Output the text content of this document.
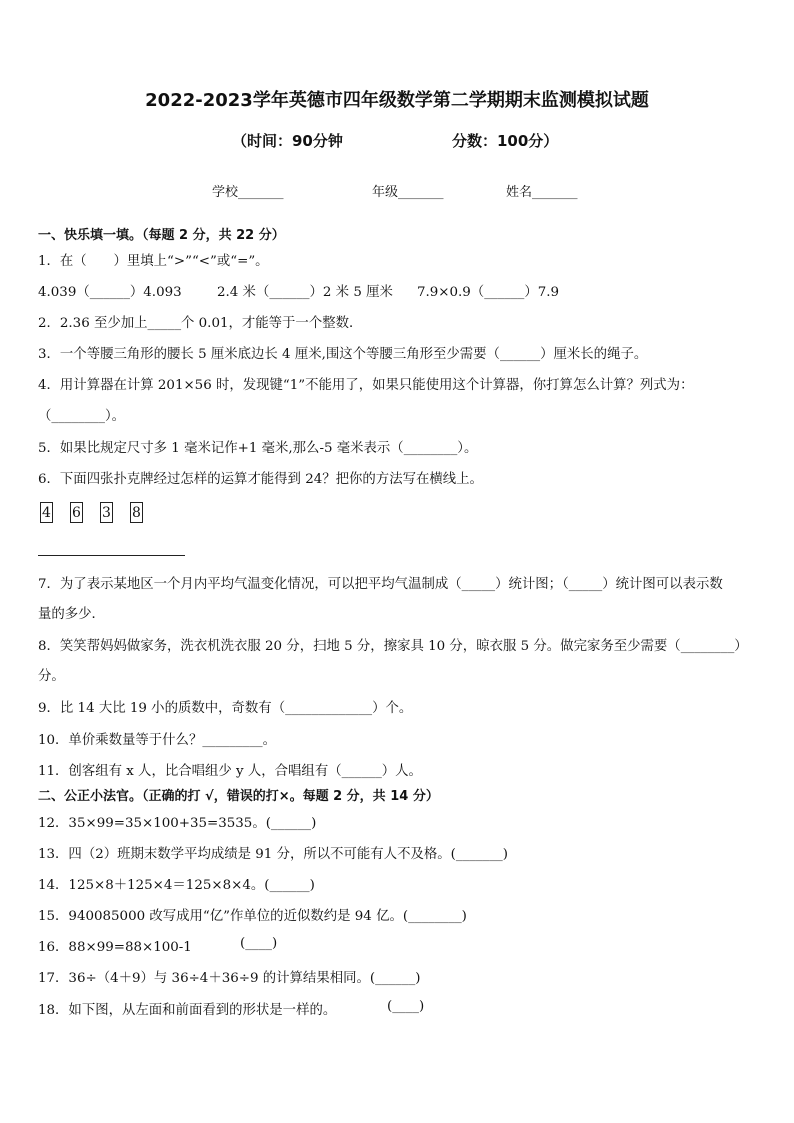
2022-2023学年英德市四年级数学第二学期期末监测模拟试题
（时间：90分钟	分数：100分）
学校_______	年级_______	姓名_______
一、快乐填一填。（每题 2 分，共 22 分）
1．在（　　）里填上“>”“<”或“=”。
4.039（______）4.093	2.4 米（______）2 米 5 厘米 7.9×0.9（______）7.9
2．2.36 至少加上_____个 0.01，才能等于一个整数．
3．一个等腰三角形的腰长 5 厘米底边长 4 厘米,围这个等腰三角形至少需要（______）厘米长的绳子。
4．用计算器在计算 201×56 时，发现键“1”不能用了，如果只能使用这个计算器，你打算怎么计算？列式为：
（________）。
5．如果比规定尺寸多 1 毫米记作+1 毫米,那么-5 毫米表示（________）。
6．下面四张扑克牌经过怎样的运算才能得到 24？把你的方法写在横线上。
4 6 3 8
7．为了表示某地区一个月内平均气温变化情况，可以把平均气温制成（_____）统计图；（_____）统计图可以表示数
量的多少．
8．笑笑帮妈妈做家务，洗衣机洗衣服 20 分，扫地 5 分，擦家具 10 分，晾衣服 5 分。做完家务至少需要（________）
分。
9．比 14 大比 19 小的质数中，奇数有（_____________）个。
10．单价乘数量等于什么？_________。
11．创客组有 x 人，比合唱组少 y 人，合唱组有（______）人。
二、公正小法官。（正确的打 √，错误的打×。每题 2 分，共 14 分）
12．35×99=35×100+35=3535。(______)
13．四（2）班期末数学平均成绩是 91 分，所以不可能有人不及格。(_______)
14．125×8＋125×4＝125×8×4。(______)
15．940085000 改写成用“亿”作单位的近似数约是 94 亿。(________)
16．88×99=88×100-1	(____)
17．36÷（4＋9）与 36÷4＋36÷9 的计算结果相同。(______)
18．如下图，从左面和前面看到的形状是一样的。	(____)
